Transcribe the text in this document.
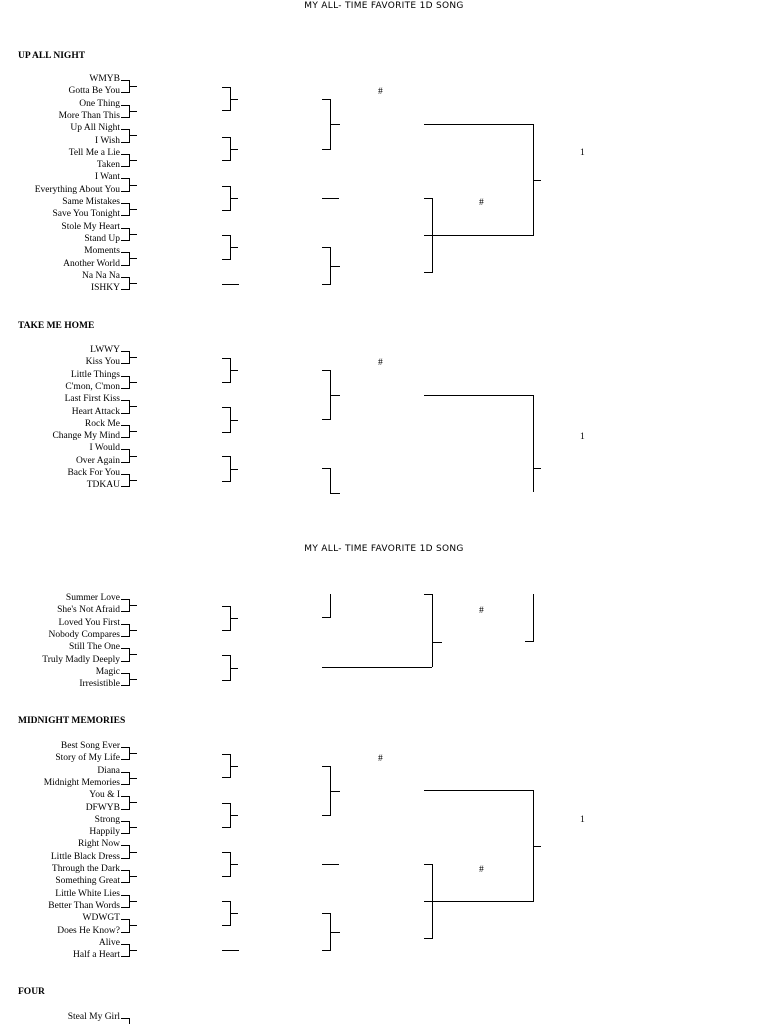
MY ALL- TIME FAVORITE 1D SONG
MY ALL- TIME FAVORITE 1D SONG
UP ALL NIGHT
TAKE ME HOME
MIDNIGHT MEMORIES
FOUR
#
#
1
#
1
#
#
1
#
WMYB
Gotta Be You
One Thing
More Than This
Up All Night
I Wish
Tell Me a Lie
Taken
I Want
Everything About You
Same Mistakes
Save You Tonight
Stole My Heart
Stand Up
Moments
Another World
Na Na Na
ISHKY
LWWY
Kiss You
Little Things
C'mon, C'mon
Last First Kiss
Heart Attack
Rock Me
Change My Mind
I Would
Over Again
Back For You
TDKAU
Summer Love
She's Not Afraid
Loved You First
Nobody Compares
Still The One
Truly Madly Deeply
Magic
Irresistible
Best Song Ever
Story of My Life
Diana
Midnight Memories
You & I
DFWYB
Strong
Happily
Right Now
Little Black Dress
Through the Dark
Something Great
Little White Lies
Better Than Words
WDWGT
Does He Know?
Alive
Half a Heart
Steal My Girl
